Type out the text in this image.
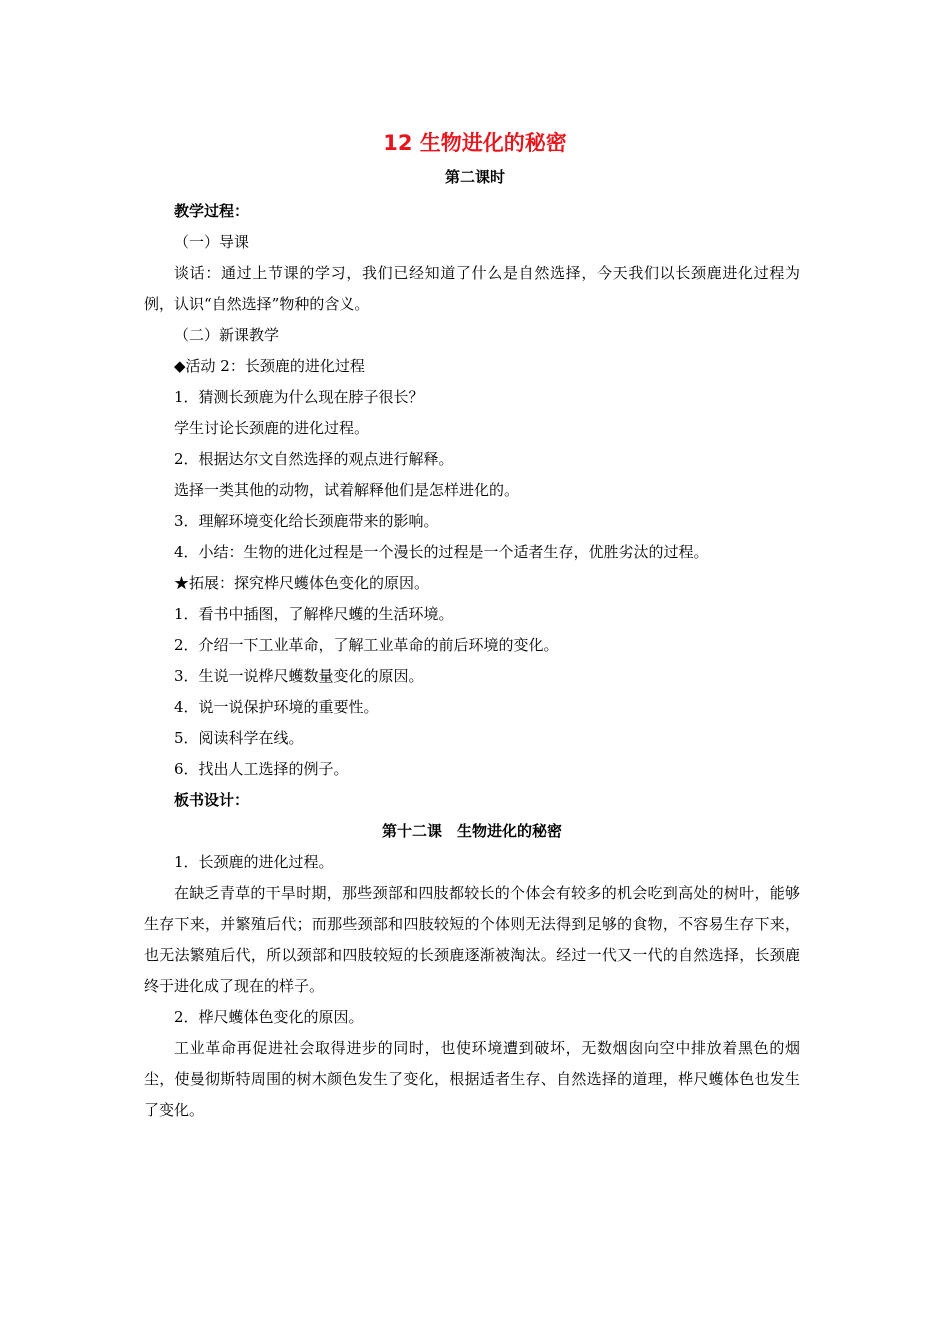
12 生物进化的秘密
第二课时

教学过程：

（一）导课

谈话：通过上节课的学习，我们已经知道了什么是自然选择，今天我们以长颈鹿进化过程为例，认识“自然选择”物种的含义。

（二）新课教学

◆活动 2：长颈鹿的进化过程

1．猜测长颈鹿为什么现在脖子很长？

学生讨论长颈鹿的进化过程。

2．根据达尔文自然选择的观点进行解释。

选择一类其他的动物，试着解释他们是怎样进化的。

3．理解环境变化给长颈鹿带来的影响。

4．小结：生物的进化过程是一个漫长的过程是一个适者生存，优胜劣汰的过程。

★拓展：探究桦尺蠖体色变化的原因。

1．看书中插图，了解桦尺蠖的生活环境。

2．介绍一下工业革命，了解工业革命的前后环境的变化。

3．生说一说桦尺蠖数量变化的原因。

4．说一说保护环境的重要性。

5．阅读科学在线。

6．找出人工选择的例子。

板书设计：

第十二课　生物进化的秘密

1．长颈鹿的进化过程。

在缺乏青草的干旱时期，那些颈部和四肢都较长的个体会有较多的机会吃到高处的树叶，能够生存下来，并繁殖后代；而那些颈部和四肢较短的个体则无法得到足够的食物，不容易生存下来，也无法繁殖后代，所以颈部和四肢较短的长颈鹿逐渐被淘汰。经过一代又一代的自然选择，长颈鹿终于进化成了现在的样子。

2．桦尺蠖体色变化的原因。

工业革命再促进社会取得进步的同时，也使环境遭到破坏，无数烟囱向空中排放着黑色的烟尘，使曼彻斯特周围的树木颜色发生了变化，根据适者生存、自然选择的道理，桦尺蠖体色也发生了变化。
